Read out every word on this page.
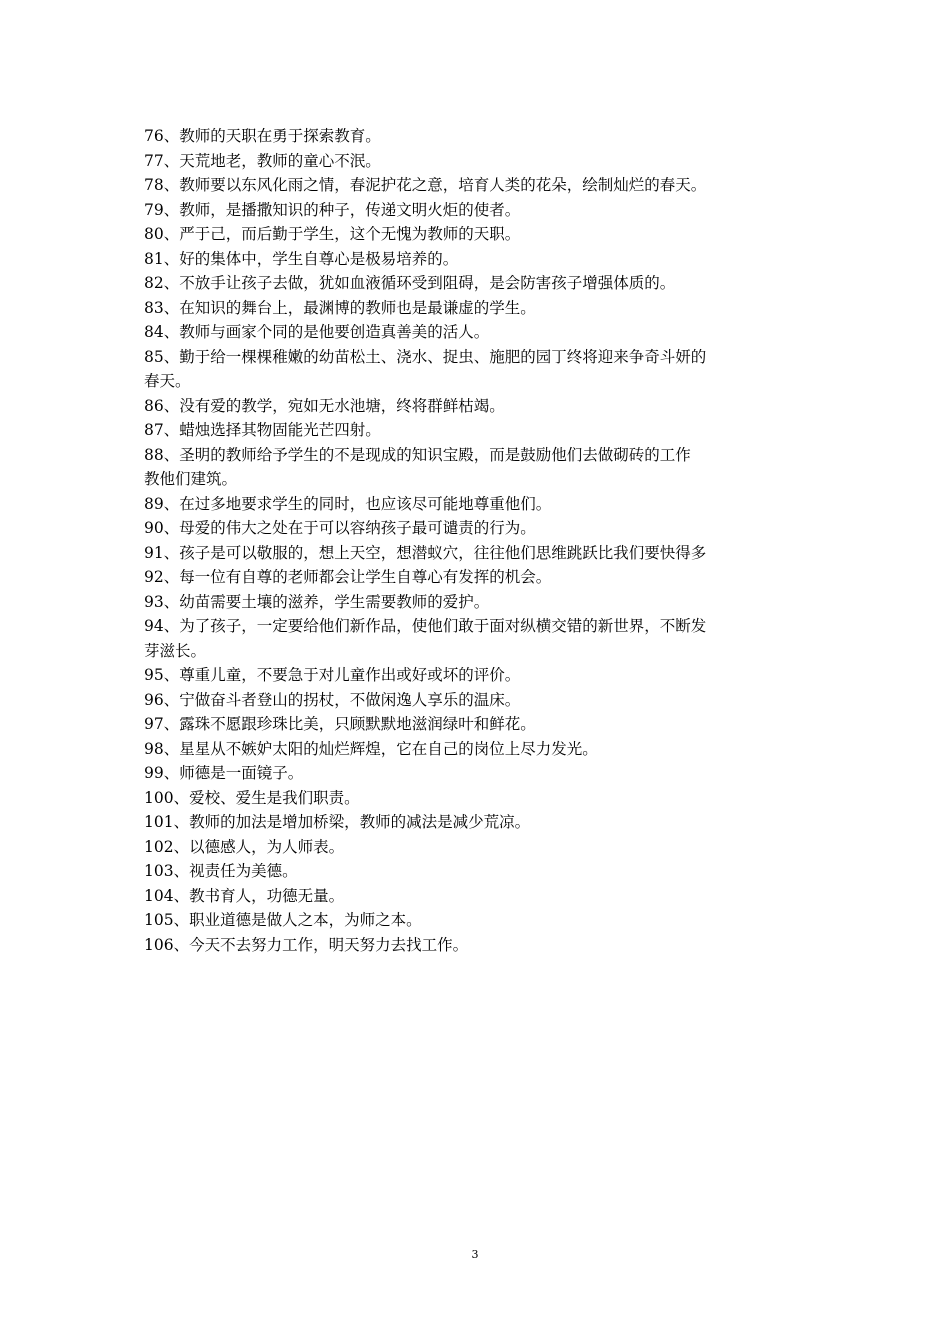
76、教师的天职在勇于探索教育。
77、天荒地老，教师的童心不泯。
78、教师要以东风化雨之情，春泥护花之意，培育人类的花朵，绘制灿烂的春天。
79、教师，是播撒知识的种子，传递文明火炬的使者。
80、严于己，而后勤于学生，这个无愧为教师的天职。
81、好的集体中，学生自尊心是极易培养的。
82、不放手让孩子去做，犹如血液循环受到阻碍，是会防害孩子增强体质的。
83、在知识的舞台上，最渊博的教师也是最谦虚的学生。
84、教师与画家个同的是他要创造真善美的活人。
85、勤于给一棵棵稚嫩的幼苗松土、浇水、捉虫、施肥的园丁终将迎来争奇斗妍的
春天。
86、没有爱的教学，宛如无水池塘，终将群鲜枯竭。
87、蜡烛选择其物固能光芒四射。
88、圣明的教师给予学生的不是现成的知识宝殿，而是鼓励他们去做砌砖的工作
教他们建筑。
89、在过多地要求学生的同时，也应该尽可能地尊重他们。
90、母爱的伟大之处在于可以容纳孩子最可谴责的行为。
91、孩子是可以敬服的，想上天空，想潜蚁穴，往往他们思维跳跃比我们要快得多
92、每一位有自尊的老师都会让学生自尊心有发挥的机会。
93、幼苗需要土壤的滋养，学生需要教师的爱护。
94、为了孩子，一定要给他们新作品，使他们敢于面对纵横交错的新世界，不断发
芽滋长。
95、尊重儿童，不要急于对儿童作出或好或坏的评价。
96、宁做奋斗者登山的拐杖，不做闲逸人享乐的温床。
97、露珠不愿跟珍珠比美，只顾默默地滋润绿叶和鲜花。
98、星星从不嫉妒太阳的灿烂辉煌，它在自己的岗位上尽力发光。
99、师德是一面镜子。
100、爱校、爱生是我们职责。
101、教师的加法是增加桥梁，教师的减法是减少荒凉。
102、以德感人，为人师表。
103、视责任为美德。
104、教书育人，功德无量。
105、职业道德是做人之本，为师之本。
106、今天不去努力工作，明天努力去找工作。
3
